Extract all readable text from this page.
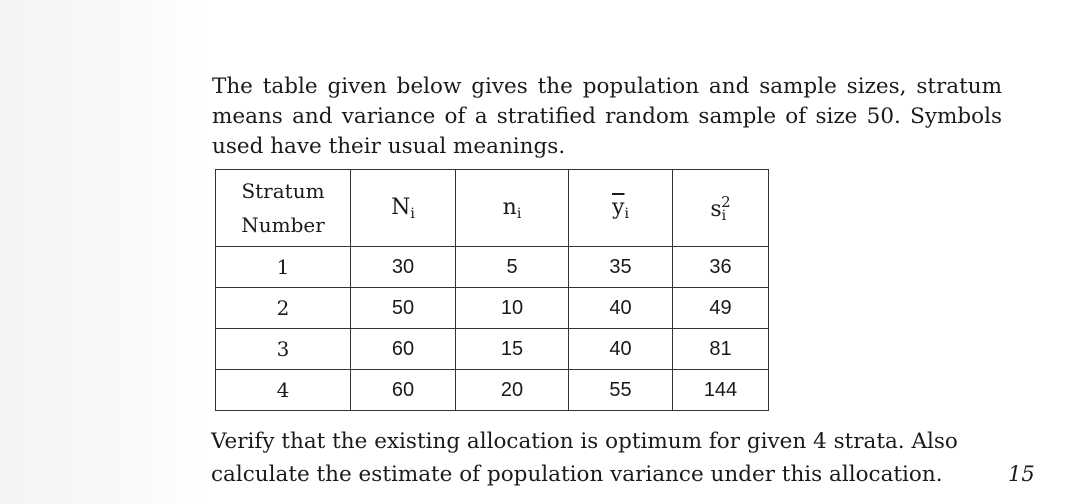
The table given below gives the population and sample sizes, stratum means and variance of a stratified random sample of size 50. Symbols used have their usual meanings.

Stratum
Number	$N_i$	$n_i$	$\overline{y}_i$	$s_i^2$
1	30	5	35	36
2	50	10	40	49
3	60	15	40	81
4	60	20	55	144

Verify that the existing allocation is optimum for given 4 strata. Also
calculate the estimate of population variance under this allocation.	15
